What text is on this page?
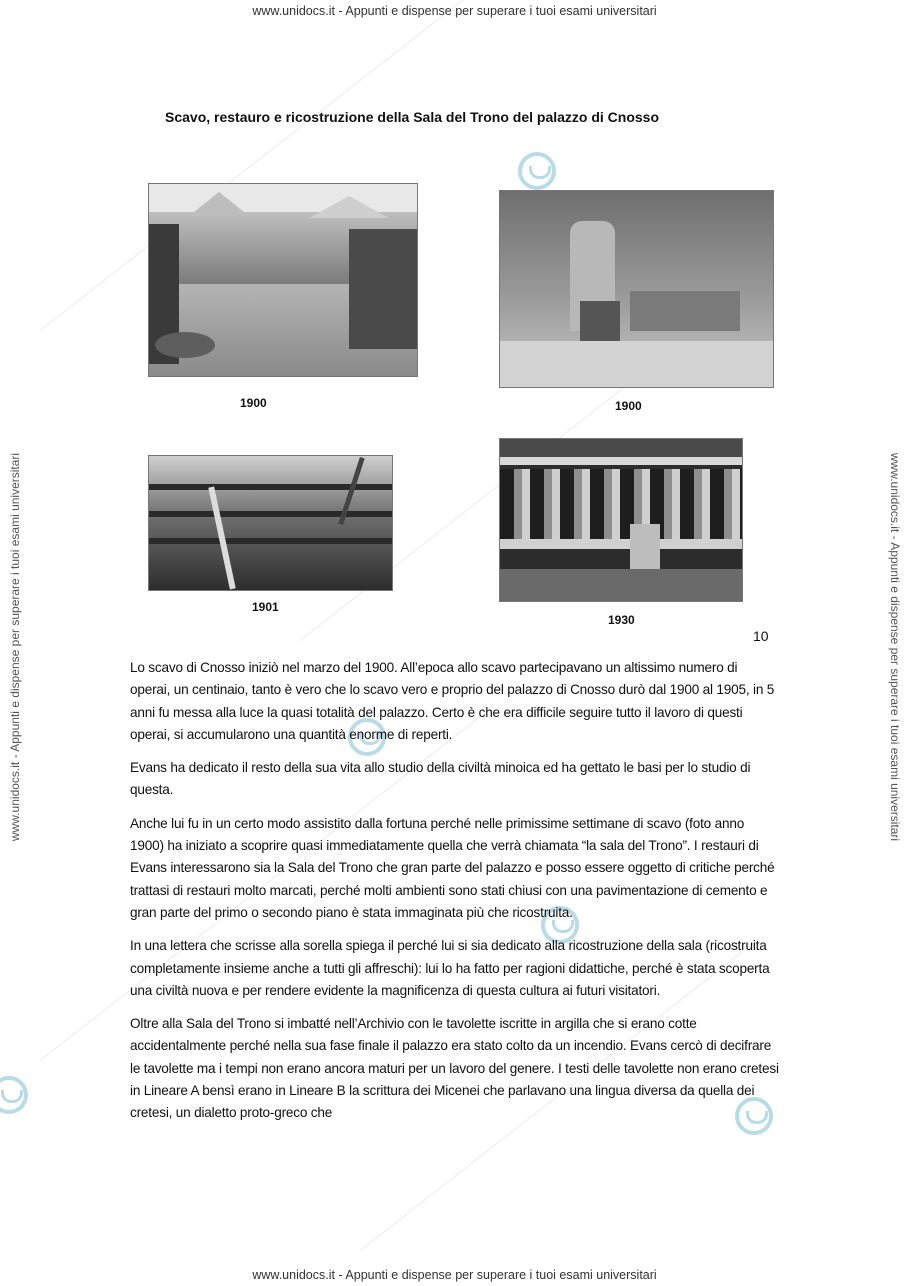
www.unidocs.it - Appunti e dispense per superare i tuoi esami universitari
www.unidocs.it - Appunti e dispense per superare i tuoi esami universitari
www.unidocs.it - Appunti e dispense per superare i tuoi esami universitari	www.unidocs.it - Appunti e dispense per superare i tuoi esami universitari
Scavo, restauro e ricostruzione della Sala del Trono del palazzo di Cnosso
1900	1900
1901
1930
10

Lo scavo di Cnosso iniziò nel marzo del 1900. All’epoca allo scavo partecipavano un altissimo numero di operai, un centinaio, tanto è vero che lo scavo vero e proprio del palazzo di Cnosso durò dal 1900 al 1905, in 5 anni fu messa alla luce la quasi totalità del palazzo. Certo è che era difficile seguire tutto il lavoro di questi operai, si accumularono una quantità enorme di reperti.

Evans ha dedicato il resto della sua vita allo studio della civiltà minoica ed ha gettato le basi per lo studio di questa.

Anche lui fu in un certo modo assistito dalla fortuna perché nelle primissime settimane di scavo (foto anno 1900) ha iniziato a scoprire quasi immediatamente quella che verrà chiamata “la sala del Trono”. I restauri di Evans interessarono sia la Sala del Trono che gran parte del palazzo e posso essere oggetto di critiche perché trattasi di restauri molto marcati, perché molti ambienti sono stati chiusi con una pavimentazione di cemento e gran parte del primo o secondo piano è stata immaginata più che ricostruita.

In una lettera che scrisse alla sorella spiega il perché lui si sia dedicato alla ricostruzione della sala (ricostruita completamente insieme anche a tutti gli affreschi): lui lo ha fatto per ragioni didattiche, perché è stata scoperta una civiltà nuova e per rendere evidente la magnificenza di questa cultura ai futuri visitatori.

Oltre alla Sala del Trono si imbatté nell’Archivio con le tavolette iscritte in argilla che si erano cotte accidentalmente perché nella sua fase finale il palazzo era stato colto da un incendio. Evans cercò di decifrare le tavolette ma i tempi non erano ancora maturi per un lavoro del genere. I testi delle tavolette non erano cretesi in Lineare A bensì erano in Lineare B la scrittura dei Micenei che parlavano una lingua diversa da quella dei cretesi, un dialetto proto-greco che
